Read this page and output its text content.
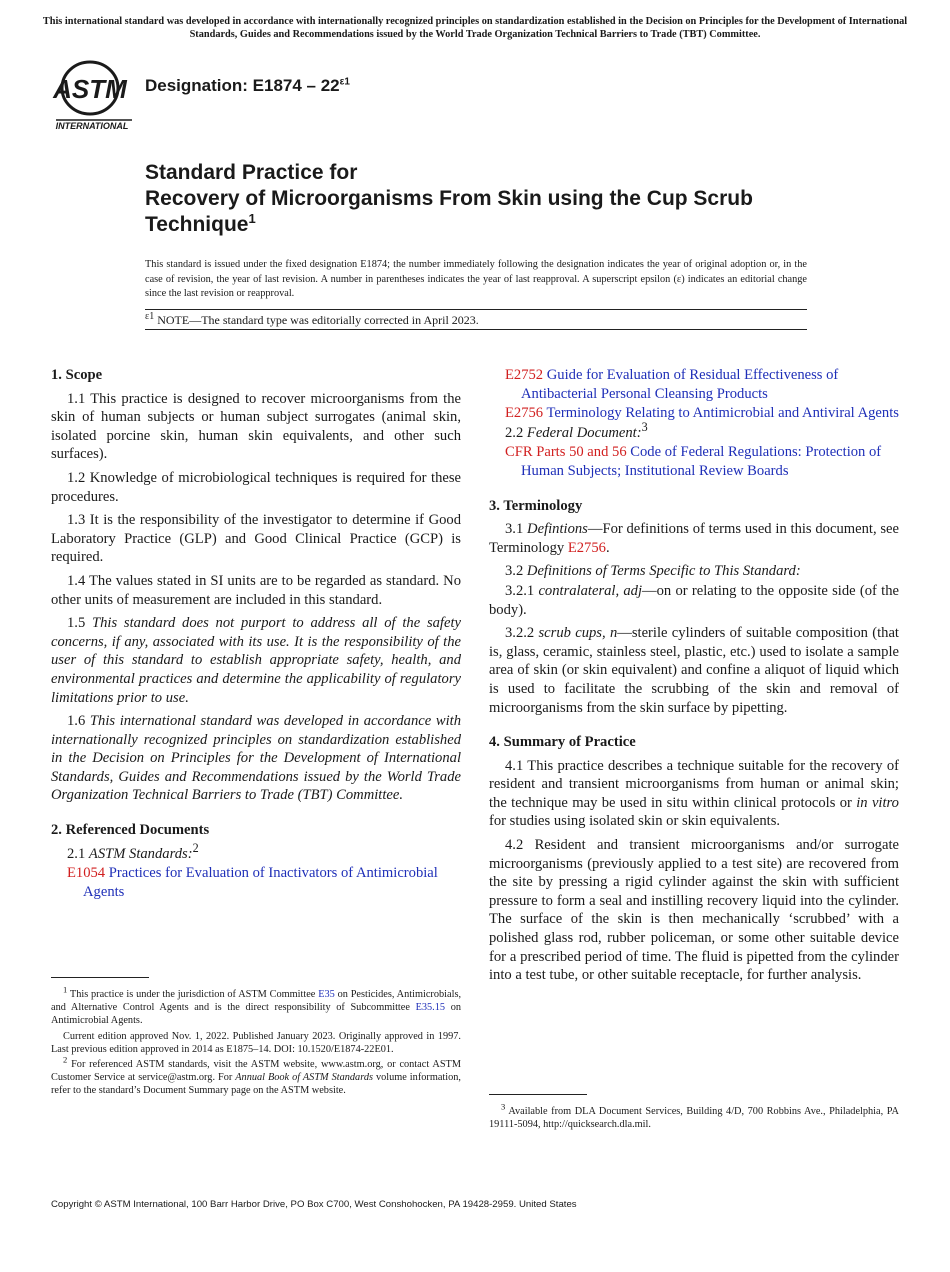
This international standard was developed in accordance with internationally recognized principles on standardization established in the Decision on Principles for the Development of International Standards, Guides and Recommendations issued by the World Trade Organization Technical Barriers to Trade (TBT) Committee.
ASTM
INTERNATIONAL
Designation: $E1874 - 22^{\varepsilon 1}$
Standard Practice for
Recovery of Microorganisms From Skin using the Cup Scrub Technique$^1$
This standard is issued under the fixed designation E1874; the number immediately following the designation indicates the year of original adoption or, in the case of revision, the year of last revision. A number in parentheses indicates the year of last reapproval. A superscript epsilon (ε) indicates an editorial change since the last revision or reapproval.
$^{\varepsilon 1}$ NOTE—The standard type was editorially corrected in April 2023.

1. Scope

1.1 This practice is designed to recover microorganisms from the skin of human subjects or human subject surrogates (animal skin, isolated porcine skin, human skin equivalents, and other such surfaces).

1.2 Knowledge of microbiological techniques is required for these procedures.

1.3 It is the responsibility of the investigator to determine if Good Laboratory Practice (GLP) and Good Clinical Practice (GCP) is required.

1.4 The values stated in SI units are to be regarded as standard. No other units of measurement are included in this standard.

1.5 This standard does not purport to address all of the safety concerns, if any, associated with its use. It is the responsibility of the user of this standard to establish appropriate safety, health, and environmental practices and determine the applicability of regulatory limitations prior to use.

1.6 This international standard was developed in accordance with internationally recognized principles on standardization established in the Decision on Principles for the Development of International Standards, Guides and Recommendations issued by the World Trade Organization Technical Barriers to Trade (TBT) Committee.

2. Referenced Documents

2.1 ASTM Standards:$^2$

E1054 Practices for Evaluation of Inactivators of Antimicrobial Agents

$^1$ This practice is under the jurisdiction of ASTM Committee E35 on Pesticides, Antimicrobials, and Alternative Control Agents and is the direct responsibility of Subcommittee E35.15 on Antimicrobial Agents.

Current edition approved Nov. 1, 2022. Published January 2023. Originally approved in 1997. Last previous edition approved in 2014 as E1875–14. DOI: 10.1520/E1874-22E01.

$^2$ For referenced ASTM standards, visit the ASTM website, www.astm.org, or contact ASTM Customer Service at service@astm.org. For Annual Book of ASTM Standards volume information, refer to the standard’s Document Summary page on the ASTM website.

E2752 Guide for Evaluation of Residual Effectiveness of Antibacterial Personal Cleansing Products

E2756 Terminology Relating to Antimicrobial and Antiviral Agents

2.2 Federal Document:$^3$

CFR Parts 50 and 56 Code of Federal Regulations: Protection of Human Subjects; Institutional Review Boards

3. Terminology

3.1 Defintions—For definitions of terms used in this document, see Terminology E2756.

3.2 Definitions of Terms Specific to This Standard:

3.2.1 contralateral, adj—on or relating to the opposite side (of the body).

3.2.2 scrub cups, n—sterile cylinders of suitable composition (that is, glass, ceramic, stainless steel, plastic, etc.) used to isolate a sample area of skin (or skin equivalent) and confine a aliquot of liquid which is used to facilitate the scrubbing of the skin and removal of microorganisms from the skin surface by pipetting.

4. Summary of Practice

4.1 This practice describes a technique suitable for the recovery of resident and transient microorganisms from human or animal skin; the technique may be used in situ within clinical protocols or in vitro for studies using isolated skin or skin equivalents.

4.2 Resident and transient microorganisms and/or surrogate microorganisms (previously applied to a test site) are recovered from the site by pressing a rigid cylinder against the skin with sufficient pressure to form a seal and instilling recovery liquid into the cylinder. The surface of the skin is then mechanically ‘scrubbed’ with a polished glass rod, rubber policeman, or some other suitable device for a prescribed period of time. The fluid is pipetted from the cylinder into a test tube, or other suitable receptacle, for further analysis.

$^3$ Available from DLA Document Services, Building 4/D, 700 Robbins Ave., Philadelphia, PA 19111-5094, http://quicksearch.dla.mil.

Copyright © ASTM International, 100 Barr Harbor Drive, PO Box C700, West Conshohocken, PA 19428-2959. United States
